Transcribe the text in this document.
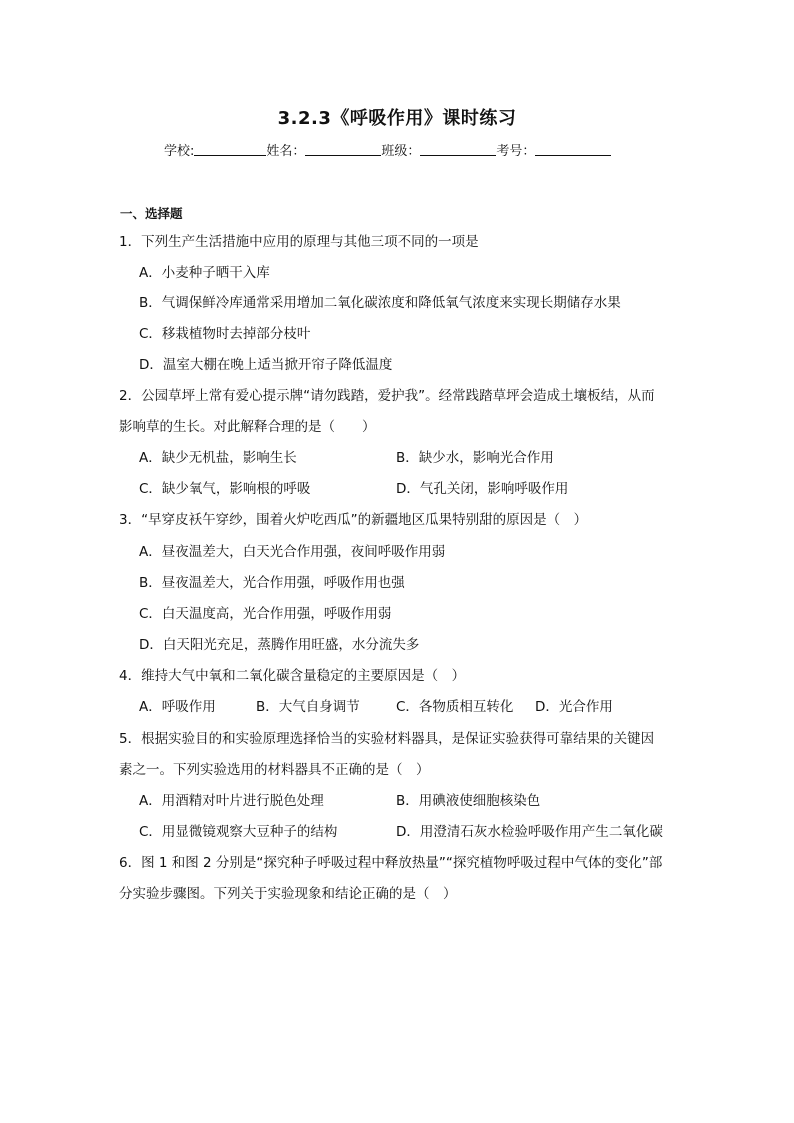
3.2.3《呼吸作用》课时练习
学校:	姓名：	班级：	考号：
一、选择题
1．下列生产生活措施中应用的原理与其他三项不同的一项是
A．小麦种子晒干入库
B．气调保鲜冷库通常采用增加二氧化碳浓度和降低氧气浓度来实现长期储存水果
C．移栽植物时去掉部分枝叶
D．温室大棚在晚上适当掀开帘子降低温度
2．公园草坪上常有爱心提示牌“请勿践踏，爱护我”。经常践踏草坪会造成土壤板结，从而
影响草的生长。对此解释合理的是（　　）
A．缺少无机盐，影响生长	B．缺少水，影响光合作用
C．缺少氧气，影响根的呼吸	D．气孔关闭，影响呼吸作用
3．“早穿皮袄午穿纱，围着火炉吃西瓜”的新疆地区瓜果特别甜的原因是（　）
A．昼夜温差大，白天光合作用强，夜间呼吸作用弱
B．昼夜温差大，光合作用强，呼吸作用也强
C．白天温度高，光合作用强，呼吸作用弱
D．白天阳光充足，蒸腾作用旺盛，水分流失多
4．维持大气中氧和二氧化碳含量稳定的主要原因是（　）
A．呼吸作用	B．大气自身调节	C．各物质相互转化 D．光合作用
5．根据实验目的和实验原理选择恰当的实验材料器具，是保证实验获得可靠结果的关键因
素之一。下列实验选用的材料器具不正确的是（　）
A．用酒精对叶片进行脱色处理	B．用碘液使细胞核染色
C．用显微镜观察大豆种子的结构	D．用澄清石灰水检验呼吸作用产生二氧化碳
6．图 1 和图 2 分别是“探究种子呼吸过程中释放热量”“探究植物呼吸过程中气体的变化”部
分实验步骤图。下列关于实验现象和结论正确的是（　）
